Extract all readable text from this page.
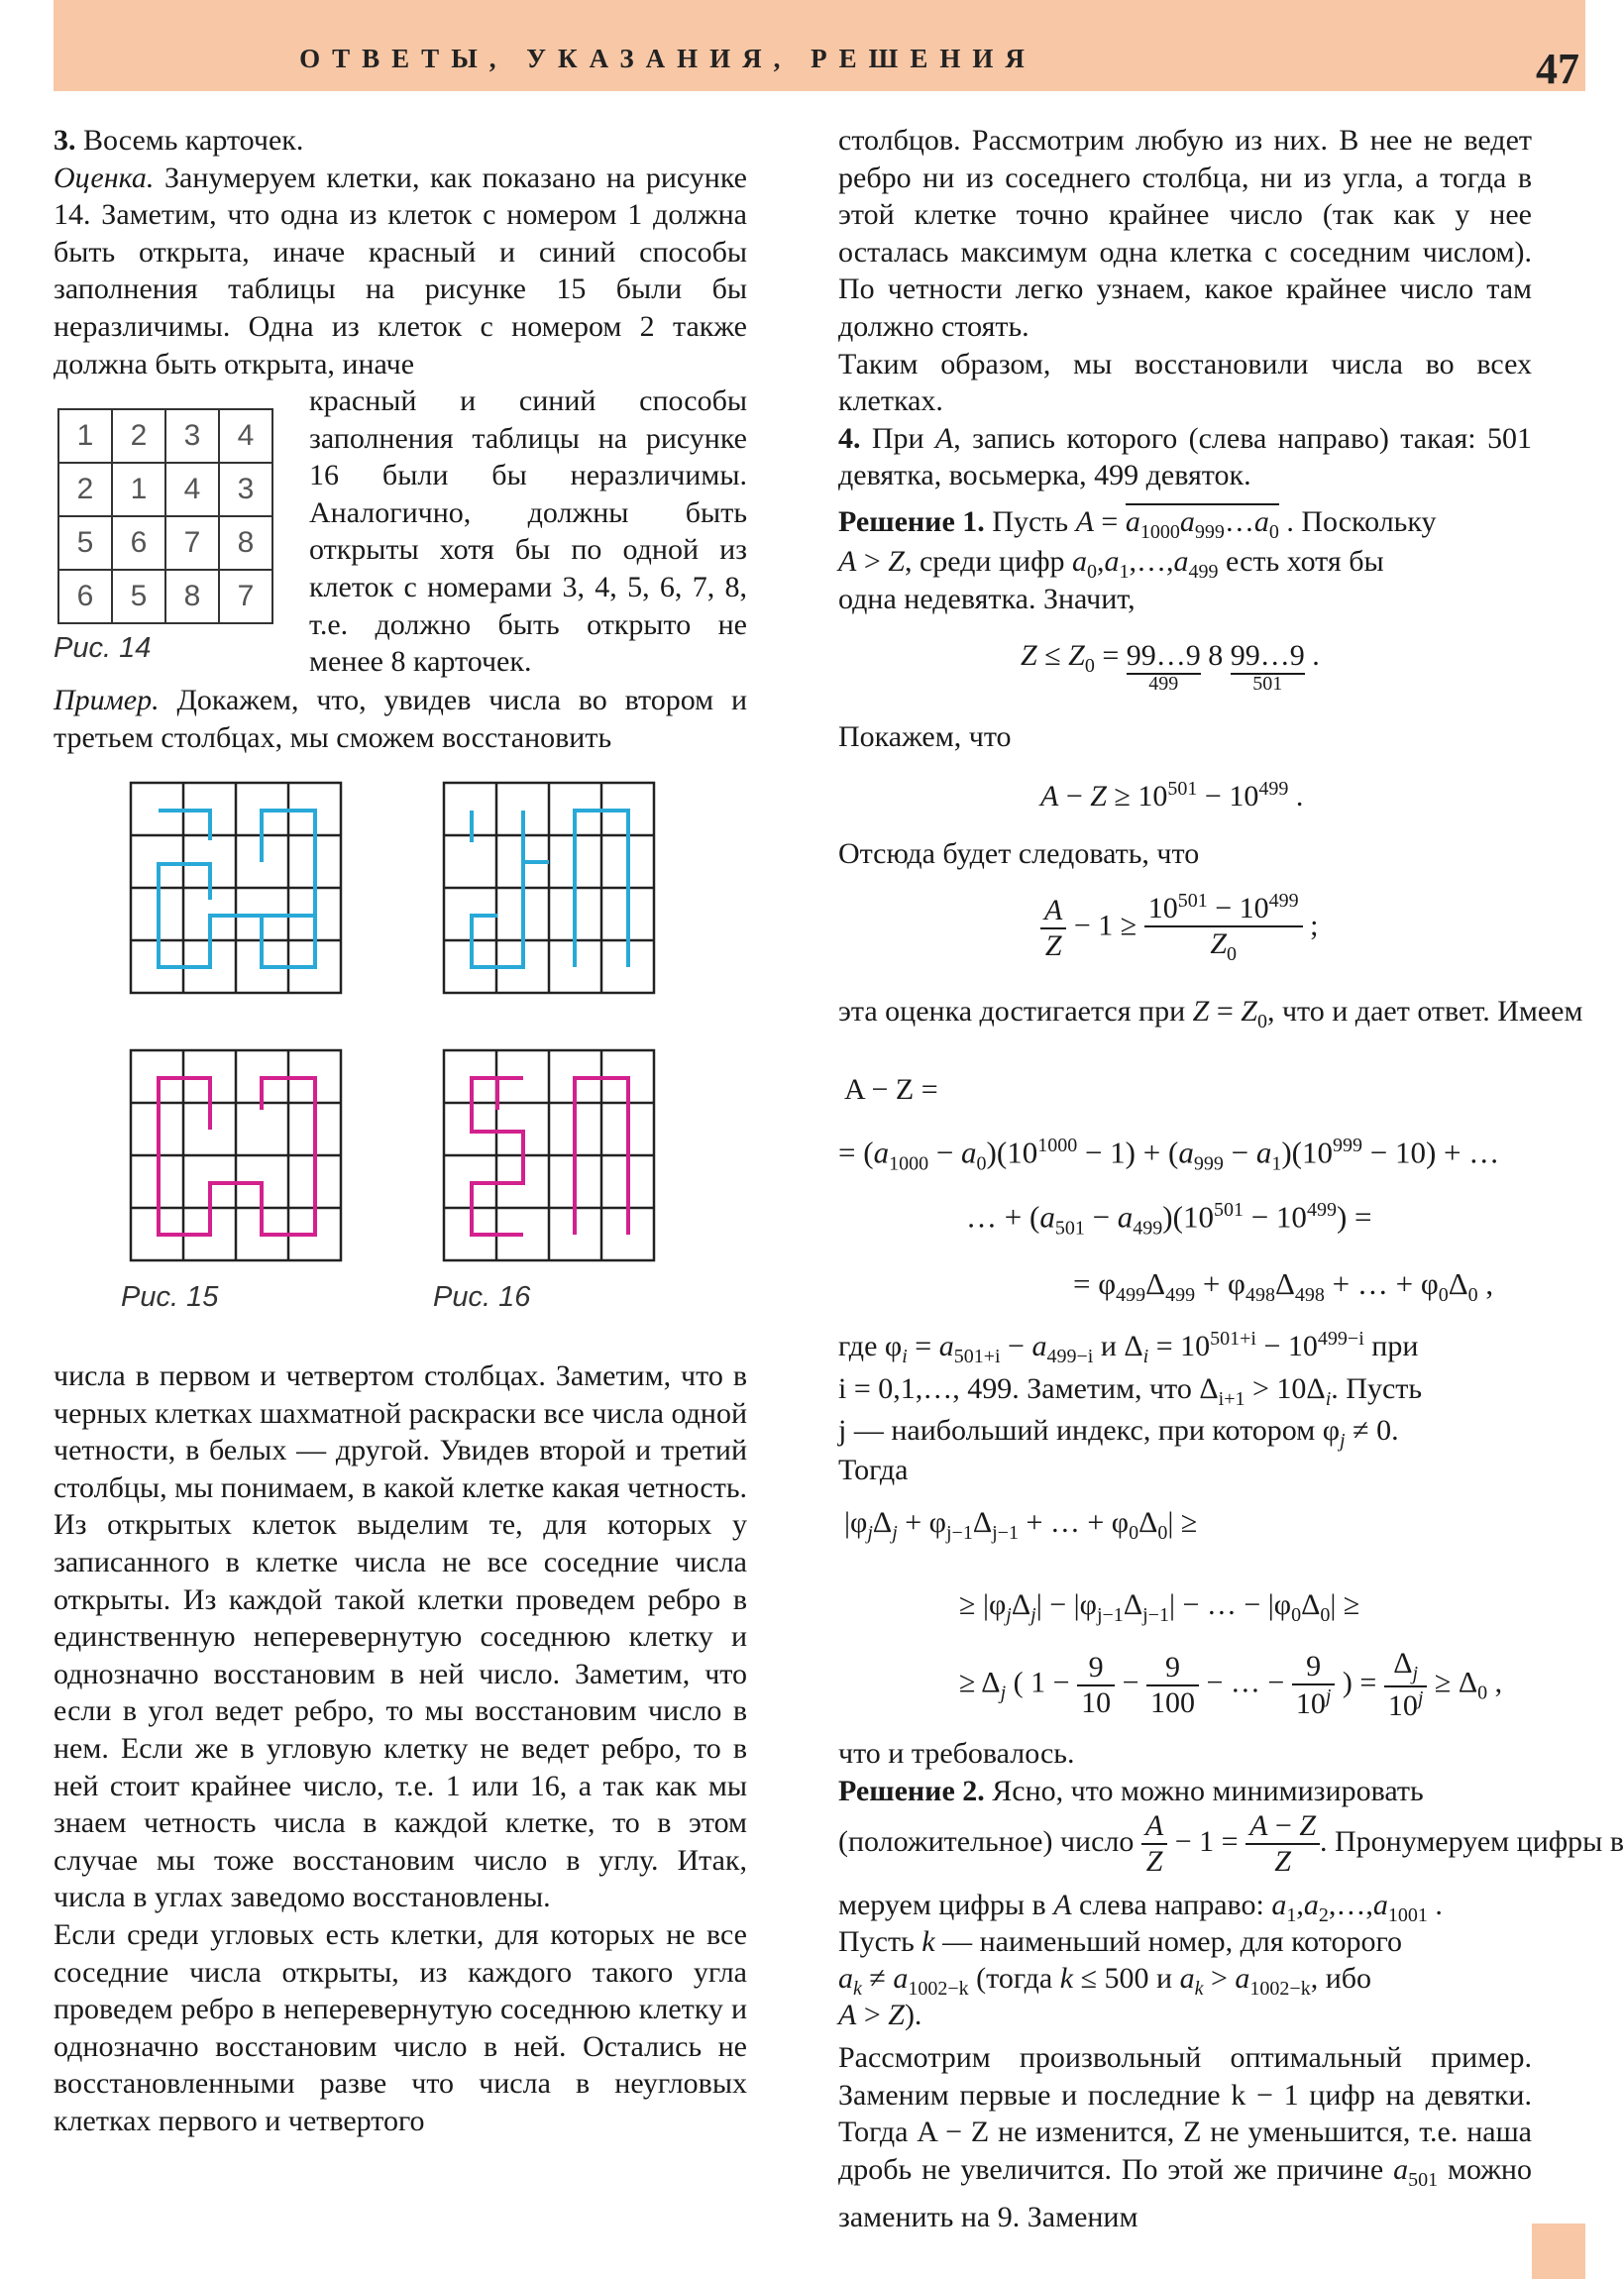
ОТВЕТЫ, УКАЗАНИЯ, РЕШЕНИЯ	47

3. Восемь карточек.

Оценка. Занумеруем клетки, как показано на рисунке 14. Заметим, что одна из клеток с номером 1 должна быть открыта, иначе красный и синий способы заполнения таблицы на рисунке 15 были бы неразличимы. Одна из клеток с номером 2 также должна быть открыта, иначе

1	2	3	4
2	1	4	3
5	6	7	8
6	5	8	7
Рис. 14

красный и синий способы заполнения таблицы на рисунке 16 были бы неразличимы. Аналогично, должны быть открыты хотя бы по одной из клеток с номерами 3, 4, 5, 6, 7, 8, т.е. должно быть открыто не менее 8 карточек.

Пример. Докажем, что, увидев числа во втором и третьем столбцах, мы сможем восстановить

Рис. 15	Рис. 16

числа в первом и четвертом столбцах. Заметим, что в черных клетках шахматной раскраски все числа одной четности, в белых — другой. Увидев второй и третий столбцы, мы понимаем, в какой клетке какая четность. Из открытых клеток выделим те, для которых у записанного в клетке числа не все соседние числа открыты. Из каждой такой клетки проведем ребро в единственную неперевернутую соседнюю клетку и однозначно восстановим в ней число. Заметим, что если в угол ведет ребро, то мы восстановим число в нем. Если же в угловую клетку не ведет ребро, то в ней стоит крайнее число, т.е. 1 или 16, а так как мы знаем четность числа в каждой клетке, то в этом случае мы тоже восстановим число в углу. Итак, числа в углах заведомо восстановлены.

Если среди угловых есть клетки, для которых не все соседние числа открыты, из каждого такого угла проведем ребро в неперевернутую соседнюю клетку и однозначно восстановим число в ней. Остались не восстановленными разве что числа в неугловых клетках первого и четвертого

столбцов. Рассмотрим любую из них. В нее не ведет ребро ни из соседнего столбца, ни из угла, а тогда в этой клетке точно крайнее число (так как у нее осталась максимум одна клетка с соседним числом). По четности легко узнаем, какое крайнее число там должно стоять.

Таким образом, мы восстановили числа во всех клетках.

4. При A, запись которого (слева направо) такая: 501 девятка, восьмерка, 499 девяток.

Решение 1. Пусть $A = a_{1000}a_{999}\dots a_0$ . Поскольку
A > Z, среди цифр $a_0,a_1,\dots,a_{499}$ есть хотя бы
одна недевятка. Значит,
$Z \le Z_0$ = 99…9
499
8 99…9
501
.
Покажем, что
$A - Z \ge 10^{501} - 10^{499}$ .
Отсюда будет следовать, что
$\frac{A}{Z} - 1 \ge \frac{10^{501} - 10^{499}}{Z_0}$ ;
эта оценка достигается при $Z = Z_0$, что и дает ответ. Имеем
A − Z =
= $(a_{1000} - a_0)(10^{1000} - 1) + (a_{999} - a_1)(10^{999} - 10)$ + …
… + $(a_{501} - a_{499})(10^{501} - 10^{499})$ =
= $\varphi_{499}\Delta_{499} + \varphi_{498}\Delta_{498}$ + … + $\varphi_0\Delta_0$ ,
где $\varphi_i = a_{501+i} - a_{499-i}$ и $\Delta_i = 10^{501+i} - 10^{499-i}$ при
i = 0,1,…, 499. Заметим, что $\Delta_{i+1} > 10\Delta_i$. Пусть
j — наибольший индекс, при котором $\varphi_j \ne 0$.
Тогда
$|\varphi_j\Delta_j + \varphi_{j-1}\Delta_{j-1}$ + … + $\varphi_0\Delta_0|$ ≥
≥ $|\varphi_j\Delta_j| - |\varphi_{j-1}\Delta_{j-1}|$ − … − $|\varphi_0\Delta_0|$ ≥
≥ $\Delta_j$ ( $1 - \frac{9}{10} - \frac{9}{100}$ − … − $\frac{9}{10^j}$ ) = $\frac{\Delta_j}{10^j} \ge \Delta_0$ ,
что и требовалось.
Решение 2. Ясно, что можно минимизировать
(положительное) число $\frac{A}{Z} - 1 = \frac{A - Z}{Z}$ . Пронумеруем цифры в
меруем цифры в A слева направо: $a_1,a_2,\dots,a_{1001}$ .
Пусть k — наименьший номер, для которого
$a_k \ne a_{1002-k}$ (тогда k ≤ 500 и $a_k > a_{1002-k}$, ибо
A > Z).

Рассмотрим произвольный оптимальный пример. Заменим первые и последние k − 1 цифр на девятки. Тогда A − Z не изменится, Z не уменьшится, т.е. наша дробь не увеличится. По этой же причине $a_{501}$ можно заменить на 9. Заменим
